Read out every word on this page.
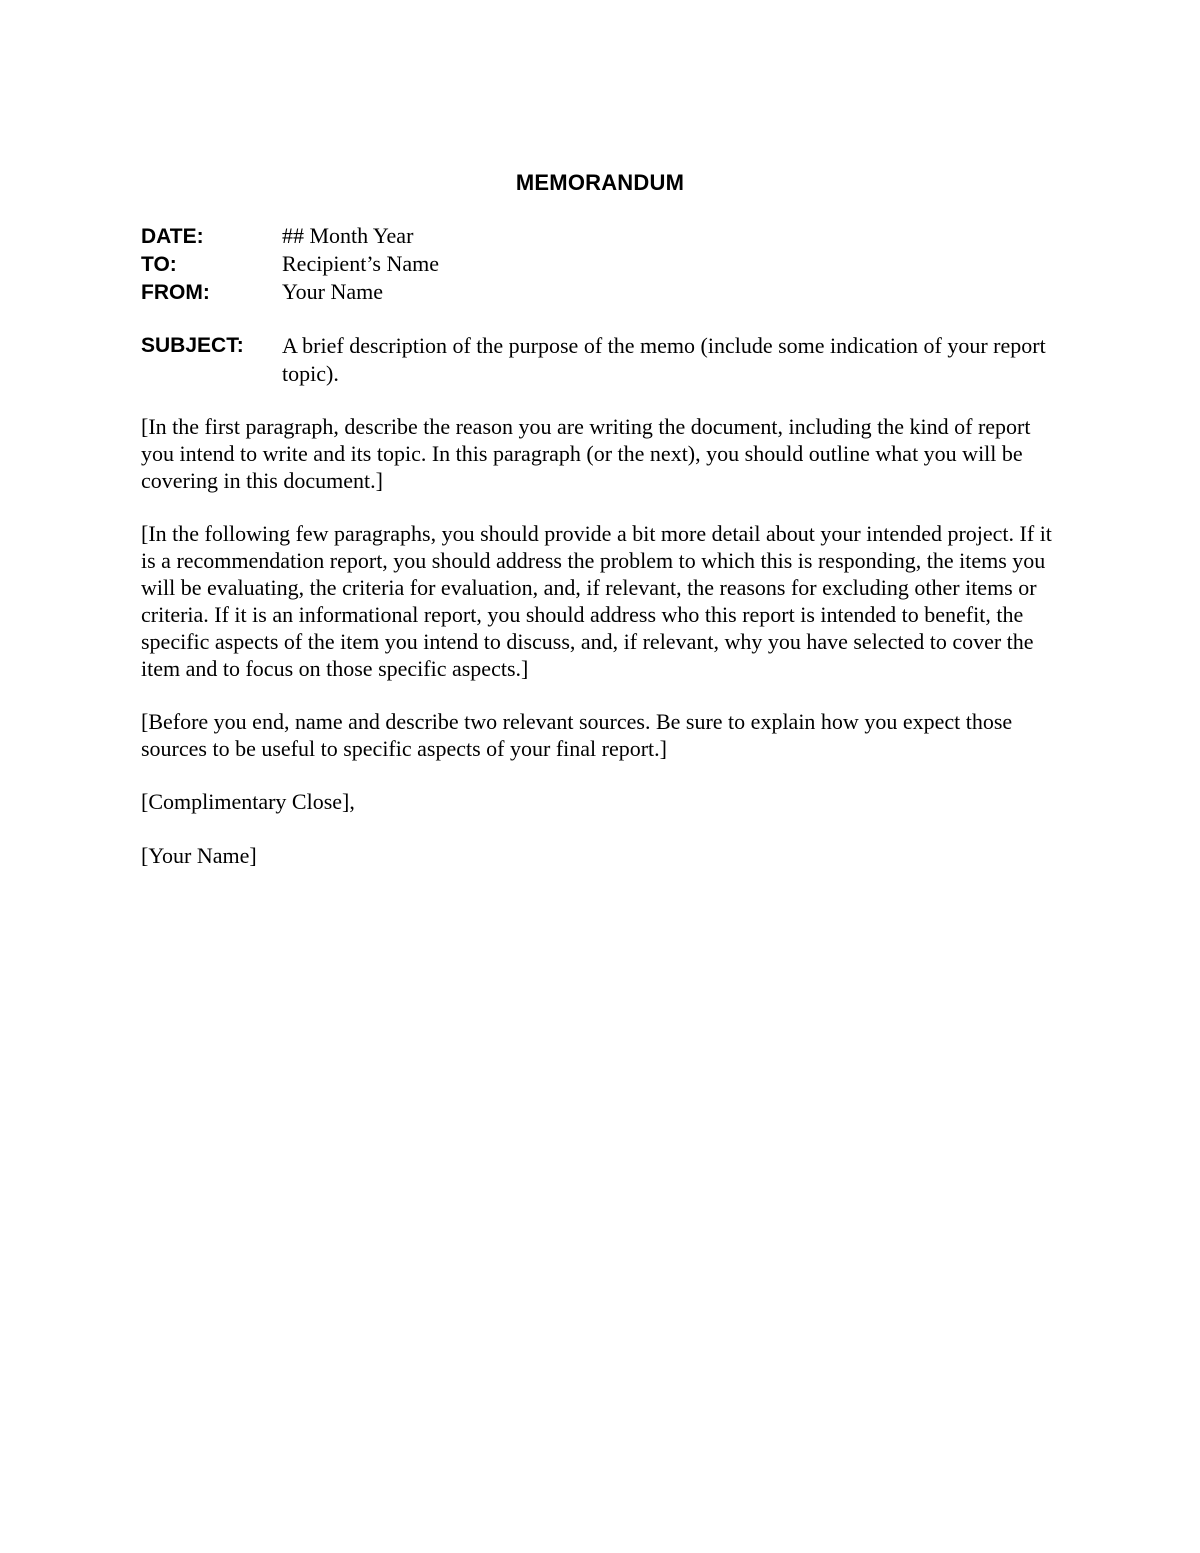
MEMORANDUM
DATE:	## Month Year
TO:	Recipient’s Name
FROM:	Your Name
SUBJECT:	A brief description of the purpose of the memo (include some indication of your report topic).

[In the first paragraph, describe the reason you are writing the document, including the kind of report you intend to write and its topic. In this paragraph (or the next), you should outline what you will be covering in this document.]

[In the following few paragraphs, you should provide a bit more detail about your intended project. If it is a recommendation report, you should address the problem to which this is responding, the items you will be evaluating, the criteria for evaluation, and, if relevant, the reasons for excluding other items or criteria. If it is an informational report, you should address who this report is intended to benefit, the specific aspects of the item you intend to discuss, and, if relevant, why you have selected to cover the item and to focus on those specific aspects.]

[Before you end, name and describe two relevant sources. Be sure to explain how you expect those sources to be useful to specific aspects of your final report.]

[Complimentary Close],

[Your Name]
